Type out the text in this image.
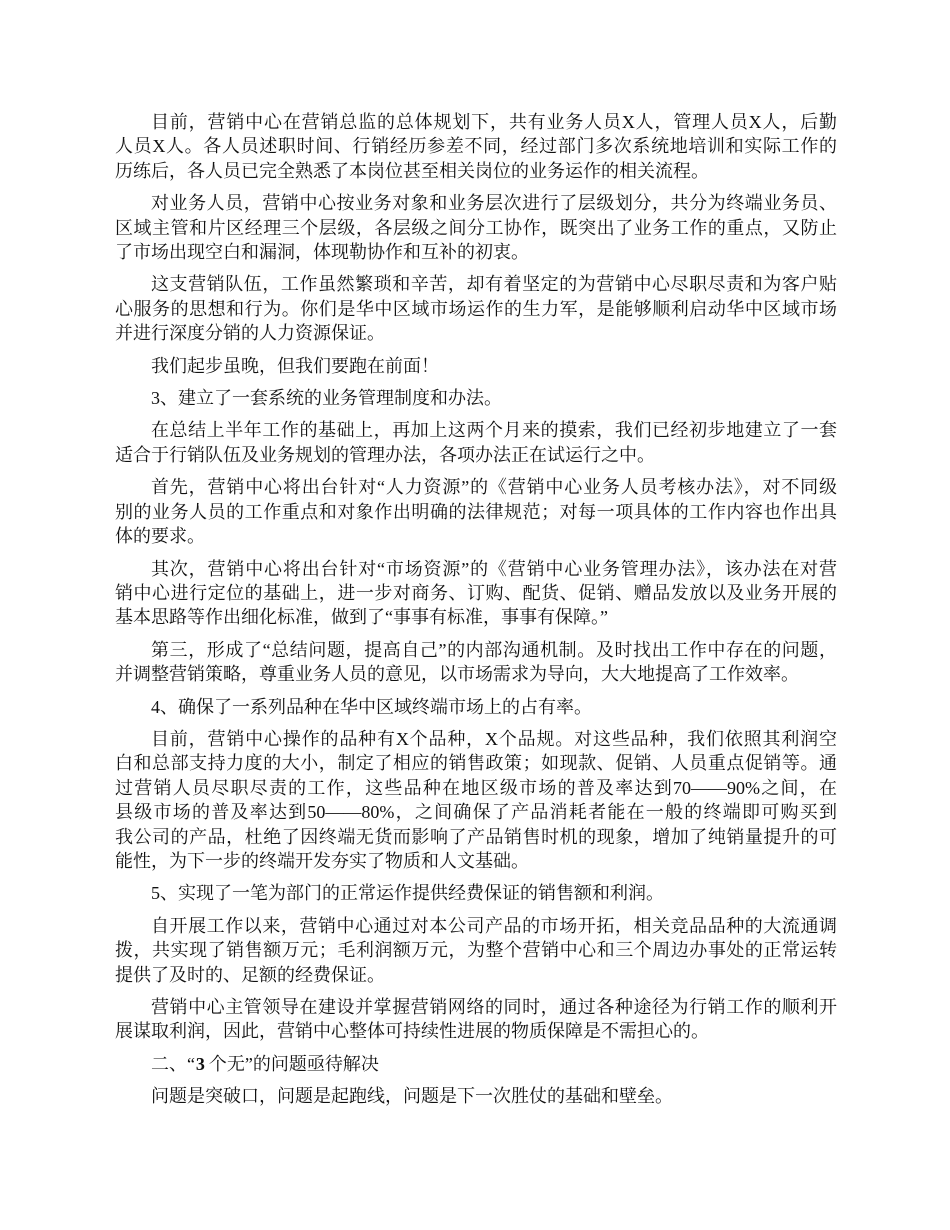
目前，营销中心在营销总监的总体规划下，共有业务人员X人，管理人员X人，后勤
人员X人。各人员述职时间、行销经历参差不同，经过部门多次系统地培训和实际工作的
历练后，各人员已完全熟悉了本岗位甚至相关岗位的业务运作的相关流程。
对业务人员，营销中心按业务对象和业务层次进行了层级划分，共分为终端业务员、
区域主管和片区经理三个层级，各层级之间分工协作，既突出了业务工作的重点，又防止
了市场出现空白和漏洞，体现勒协作和互补的初衷。
这支营销队伍，工作虽然繁琐和辛苦，却有着坚定的为营销中心尽职尽责和为客户贴
心服务的思想和行为。你们是华中区域市场运作的生力军，是能够顺利启动华中区域市场
并进行深度分销的人力资源保证。
我们起步虽晚，但我们要跑在前面！
3、建立了一套系统的业务管理制度和办法。
在总结上半年工作的基础上，再加上这两个月来的摸索，我们已经初步地建立了一套
适合于行销队伍及业务规划的管理办法，各项办法正在试运行之中。
首先，营销中心将出台针对“人力资源”的《营销中心业务人员考核办法》，对不同级
别的业务人员的工作重点和对象作出明确的法律规范；对每一项具体的工作内容也作出具
体的要求。
其次，营销中心将出台针对“市场资源”的《营销中心业务管理办法》，该办法在对营
销中心进行定位的基础上，进一步对商务、订购、配货、促销、赠品发放以及业务开展的
基本思路等作出细化标准，做到了“事事有标准，事事有保障。”
第三，形成了“总结问题，提高自己”的内部沟通机制。及时找出工作中存在的问题，
并调整营销策略，尊重业务人员的意见，以市场需求为导向，大大地提高了工作效率。
4、确保了一系列品种在华中区域终端市场上的占有率。
目前，营销中心操作的品种有X个品种，X个品规。对这些品种，我们依照其利润空
白和总部支持力度的大小，制定了相应的销售政策；如现款、促销、人员重点促销等。通
过营销人员尽职尽责的工作，这些品种在地区级市场的普及率达到70——90%之间，在
县级市场的普及率达到50——80%，之间确保了产品消耗者能在一般的终端即可购买到
我公司的产品，杜绝了因终端无货而影响了产品销售时机的现象，增加了纯销量提升的可
能性，为下一步的终端开发夯实了物质和人文基础。
5、实现了一笔为部门的正常运作提供经费保证的销售额和利润。
自开展工作以来，营销中心通过对本公司产品的市场开拓，相关竞品品种的大流通调
拨，共实现了销售额万元；毛利润额万元，为整个营销中心和三个周边办事处的正常运转
提供了及时的、足额的经费保证。
营销中心主管领导在建设并掌握营销网络的同时，通过各种途径为行销工作的顺利开
展谋取利润，因此，营销中心整体可持续性进展的物质保障是不需担心的。
二、“3 个无”的问题亟待解决
问题是突破口，问题是起跑线，问题是下一次胜仗的基础和壁垒。
